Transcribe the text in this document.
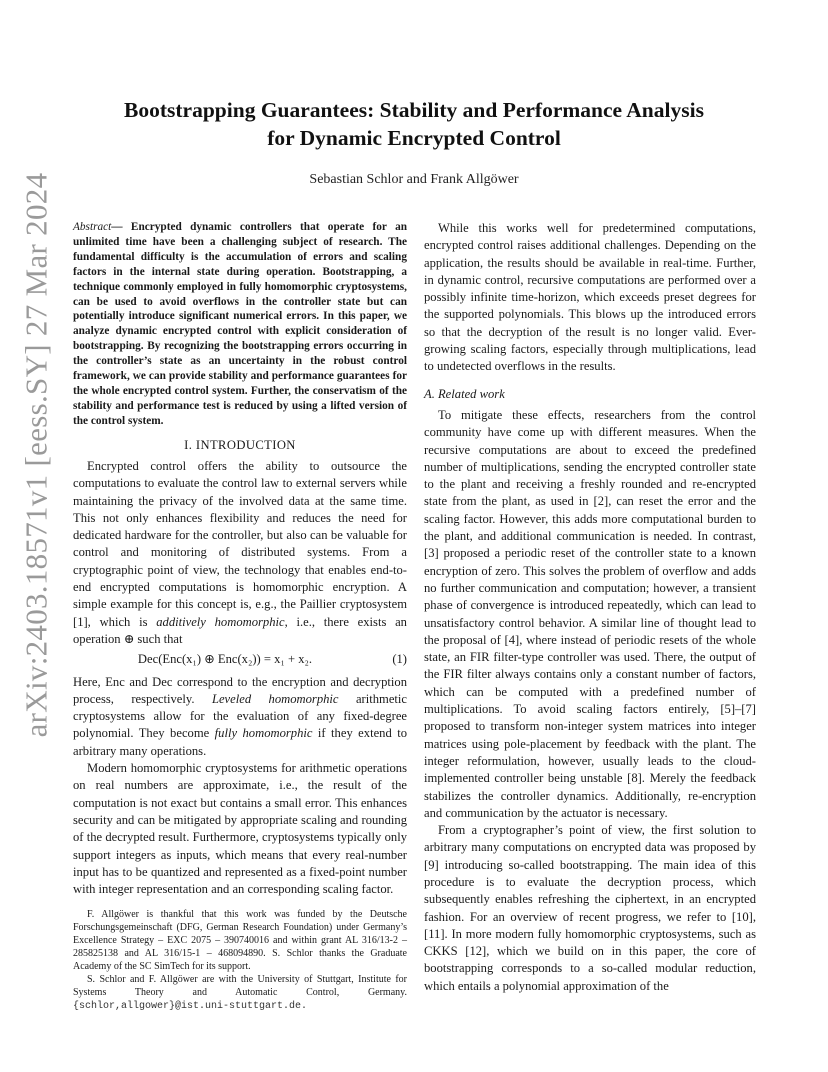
arXiv:2403.18571v1 [eess.SY] 27 Mar 2024
Bootstrapping Guarantees: Stability and Performance Analysis
for Dynamic Encrypted Control
Sebastian Schlor and Frank Allgöwer
Abstract— Encrypted dynamic controllers that operate for an unlimited time have been a challenging subject of research. The fundamental difficulty is the accumulation of errors and scaling factors in the internal state during operation. Bootstrapping, a technique commonly employed in fully homomorphic cryptosystems, can be used to avoid overflows in the controller state but can potentially introduce significant numerical errors. In this paper, we analyze dynamic encrypted control with explicit consideration of bootstrapping. By recognizing the bootstrapping errors occurring in the controller’s state as an uncertainty in the robust control framework, we can provide stability and performance guarantees for the whole encrypted control system. Further, the conservatism of the stability and performance test is reduced by using a lifted version of the control system.
I. INTRODUCTION

Encrypted control offers the ability to outsource the computations to evaluate the control law to external servers while maintaining the privacy of the involved data at the same time. This not only enhances flexibility and reduces the need for dedicated hardware for the controller, but also can be valuable for control and monitoring of distributed systems. From a cryptographic point of view, the technology that enables end-to-end encrypted computations is homomorphic encryption. A simple example for this concept is, e.g., the Paillier cryptosystem [1], which is additively homomorphic, i.e., there exists an operation ⊕ such that

Dec(Enc(x₁) ⊕ Enc(x₂)) = x₁ + x₂.	(1)

Here, Enc and Dec correspond to the encryption and decryption process, respectively. Leveled homomorphic arithmetic cryptosystems allow for the evaluation of any fixed-degree polynomial. They become fully homomorphic if they extend to arbitrary many operations.

Modern homomorphic cryptosystems for arithmetic operations on real numbers are approximate, i.e., the result of the computation is not exact but contains a small error. This enhances security and can be mitigated by appropriate scaling and rounding of the decrypted result. Furthermore, cryptosystems typically only support integers as inputs, which means that every real-number input has to be quantized and represented as a fixed-point number with integer representation and an corresponding scaling factor.

F. Allgöwer is thankful that this work was funded by the Deutsche Forschungsgemeinschaft (DFG, German Research Foundation) under Germany’s Excellence Strategy – EXC 2075 – 390740016 and within grant AL 316/13-2 – 285825138 and AL 316/15-1 – 468094890. S. Schlor thanks the Graduate Academy of the SC SimTech for its support.

S. Schlor and F. Allgöwer are with the University of Stuttgart, Institute for Systems Theory and Automatic Control, Germany. {schlor,allgower}@ist.uni-stuttgart.de.

While this works well for predetermined computations, encrypted control raises additional challenges. Depending on the application, the results should be available in real-time. Further, in dynamic control, recursive computations are performed over a possibly infinite time-horizon, which exceeds preset degrees for the supported polynomials. This blows up the introduced errors so that the decryption of the result is no longer valid. Ever-growing scaling factors, especially through multiplications, lead to undetected overflows in the results.

A. Related work

To mitigate these effects, researchers from the control community have come up with different measures. When the recursive computations are about to exceed the predefined number of multiplications, sending the encrypted controller state to the plant and receiving a freshly rounded and re-encrypted state from the plant, as used in [2], can reset the error and the scaling factor. However, this adds more computational burden to the plant, and additional communication is needed. In contrast, [3] proposed a periodic reset of the controller state to a known encryption of zero. This solves the problem of overflow and adds no further communication and computation; however, a transient phase of convergence is introduced repeatedly, which can lead to unsatisfactory control behavior. A similar line of thought lead to the proposal of [4], where instead of periodic resets of the whole state, an FIR filter-type controller was used. There, the output of the FIR filter always contains only a constant number of factors, which can be computed with a predefined number of multiplications. To avoid scaling factors entirely, [5]–[7] proposed to transform non-integer system matrices into integer matrices using pole-placement by feedback with the plant. The integer reformulation, however, usually leads to the cloud-implemented controller being unstable [8]. Merely the feedback stabilizes the controller dynamics. Additionally, re-encryption and communication by the actuator is necessary.

From a cryptographer’s point of view, the first solution to arbitrary many computations on encrypted data was proposed by [9] introducing so-called bootstrapping. The main idea of this procedure is to evaluate the decryption process, which subsequently enables refreshing the ciphertext, in an encrypted fashion. For an overview of recent progress, we refer to [10], [11]. In more modern fully homomorphic cryptosystems, such as CKKS [12], which we build on in this paper, the core of bootstrapping corresponds to a so-called modular reduction, which entails a polynomial approximation of the
